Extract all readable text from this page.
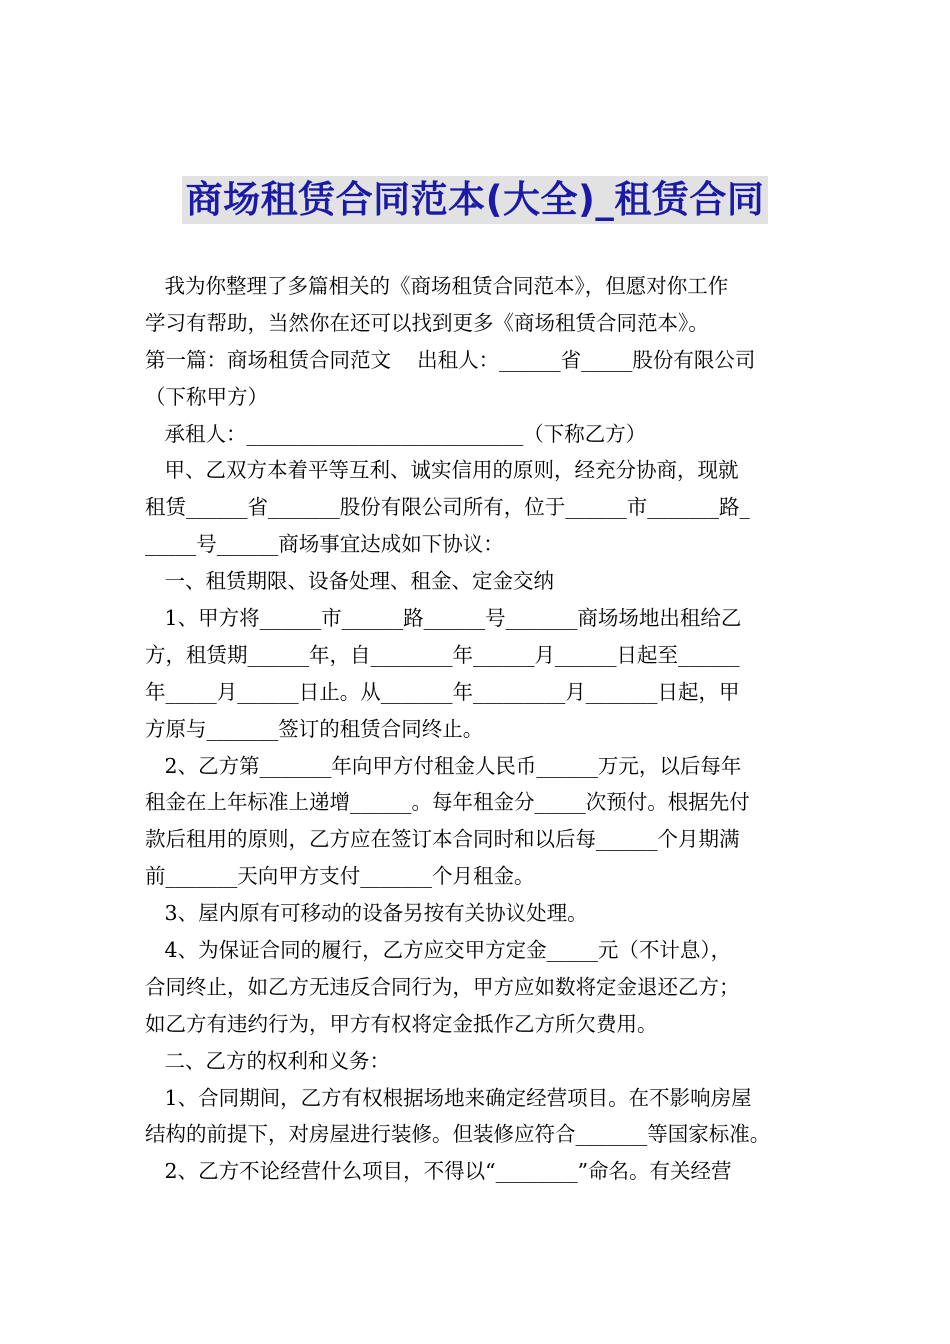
商场租赁合同范本(大全)_租赁合同
我为你整理了多篇相关的《商场租赁合同范本》，但愿对你工作
学习有帮助，当然你在还可以找到更多《商场租赁合同范本》。
第一篇：商场租赁合同范文    出租人：______省_____股份有限公司
（下称甲方）
承租人：___________________________（下称乙方）
甲、乙双方本着平等互利、诚实信用的原则，经充分协商，现就
租赁______省_______股份有限公司所有，位于______市_______路_
_____号______商场事宜达成如下协议：
一、租赁期限、设备处理、租金、定金交纳
1、甲方将______市______路______号_______商场场地出租给乙
方，租赁期______年，自________年______月______日起至______
年_____月______日止。从_______年_________月_______日起，甲
方原与_______签订的租赁合同终止。
2、乙方第_______年向甲方付租金人民币______万元，以后每年
租金在上年标准上递增______。每年租金分_____次预付。根据先付
款后租用的原则，乙方应在签订本合同时和以后每______个月期满
前_______天向甲方支付_______个月租金。
3、屋内原有可移动的设备另按有关协议处理。
4、为保证合同的履行，乙方应交甲方定金_____元（不计息），
合同终止，如乙方无违反合同行为，甲方应如数将定金退还乙方；
如乙方有违约行为，甲方有权将定金抵作乙方所欠费用。
二、乙方的权利和义务：
1、合同期间，乙方有权根据场地来确定经营项目。在不影响房屋
结构的前提下，对房屋进行装修。但装修应符合_______等国家标准。
2、乙方不论经营什么项目，不得以“________”命名。有关经营
